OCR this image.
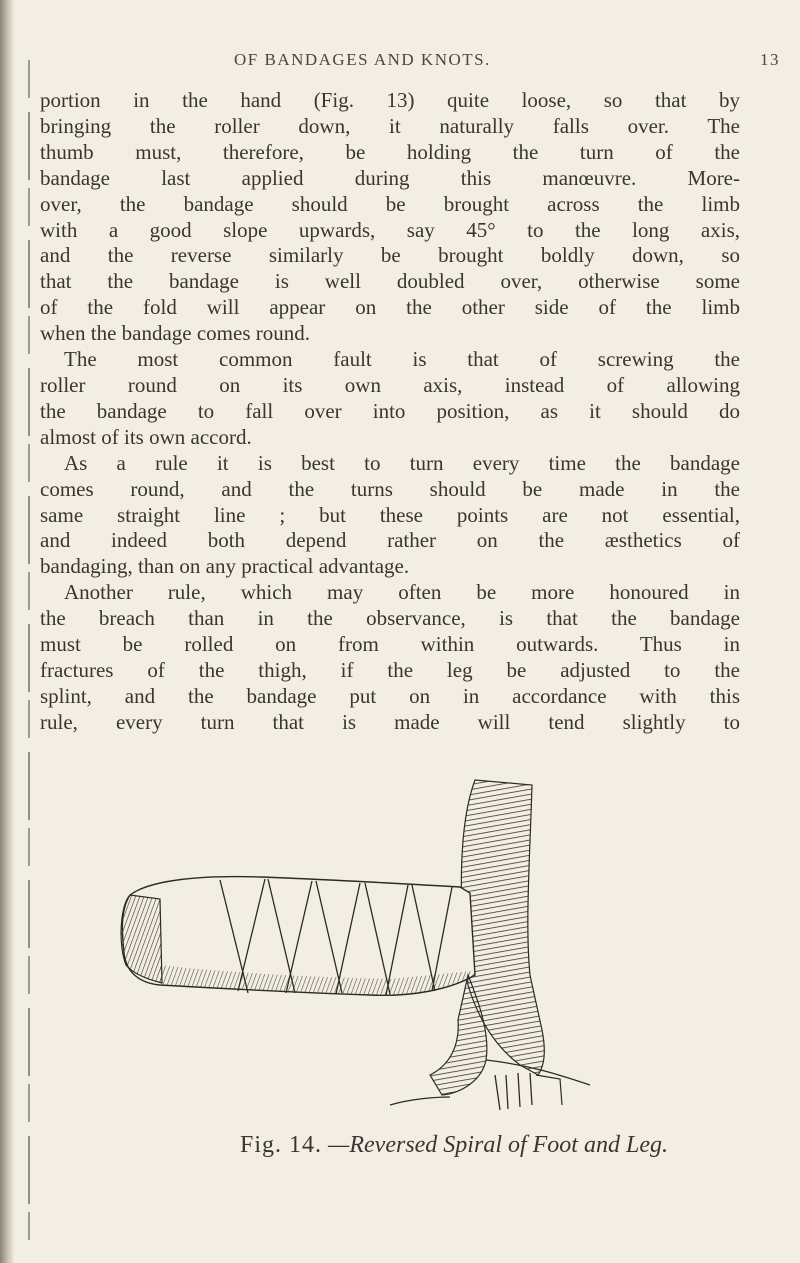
OF BANDAGES AND KNOTS.	13

portion in the hand (Fig. 13) quite loose, so that by
bringing the roller down, it naturally falls over. The
thumb must, therefore, be holding the turn of the
bandage last applied during this manœuvre. More-
over, the bandage should be brought across the limb
with a good slope upwards, say 45° to the long axis,
and the reverse similarly be brought boldly down, so
that the bandage is well doubled over, otherwise some
of the fold will appear on the other side of the limb
when the bandage comes round.

The most common fault is that of screwing the
roller round on its own axis, instead of allowing
the bandage to fall over into position, as it should do
almost of its own accord.

As a rule it is best to turn every time the bandage
comes round, and the turns should be made in the
same straight line ; but these points are not essential,
and indeed both depend rather on the æsthetics of
bandaging, than on any practical advantage.

Another rule, which may often be more honoured in
the breach than in the observance, is that the bandage
must be rolled on from within outwards. Thus in
fractures of the thigh, if the leg be adjusted to the
splint, and the bandage put on in accordance with this
rule, every turn that is made will tend slightly to

Fig. 14. —Reversed Spiral of Foot and Leg.
